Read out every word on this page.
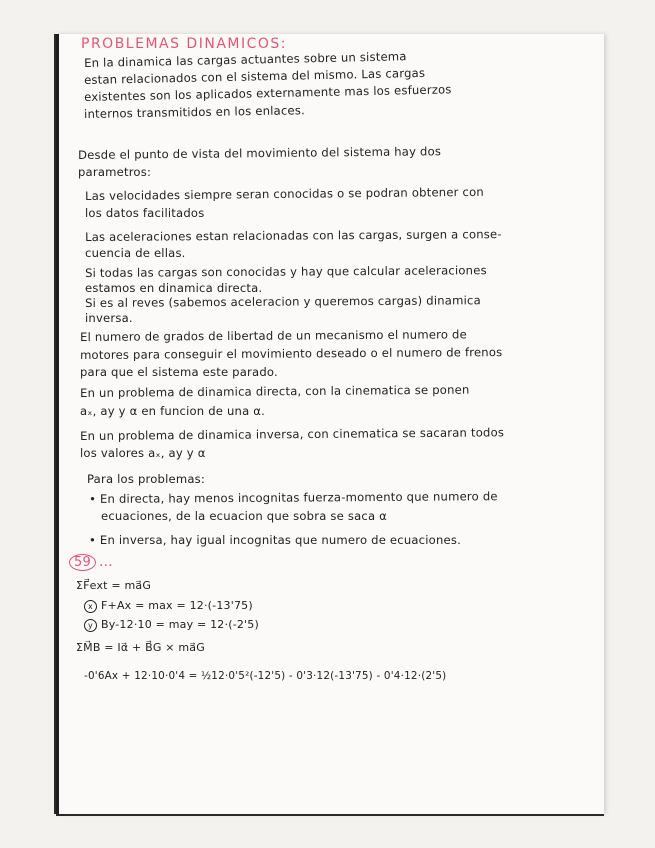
PROBLEMAS DINAMICOS:
En la dinamica las cargas actuantes sobre un sistema
estan relacionados con el sistema del mismo. Las cargas
existentes son los aplicados externamente mas los esfuerzos
internos transmitidos en los enlaces.
Desde el punto de vista del movimiento del sistema hay dos
parametros:
Las velocidades siempre seran conocidas o se podran obtener con
los datos facilitados
Las aceleraciones estan relacionadas con las cargas, surgen a conse-
cuencia de ellas.
Si todas las cargas son conocidas y hay que calcular aceleraciones
estamos en dinamica directa.
Si es al reves (sabemos aceleracion y queremos cargas) dinamica
inversa.
El numero de grados de libertad de un mecanismo el numero de
motores para conseguir el movimiento deseado o el numero de frenos
para que el sistema este parado.
En un problema de dinamica directa, con la cinematica se ponen
aₓ, ay y α en funcion de una α.
En un problema de dinamica inversa, con cinematica se sacaran todos
los valores aₓ, ay y α
Para los problemas:
• En directa, hay menos incognitas fuerza-momento que numero de
ecuaciones, de la ecuacion que sobra se saca α
• En inversa, hay igual incognitas que numero de ecuaciones.
59 ...
ΣF⃗ext = ma⃗G
x F+Ax = max = 12·(-13'75)
y By-12·10 = may = 12·(-2'5)
ΣM⃗B = Iα⃗ + B⃗G × ma⃗G
-0'6Ax + 12·10·0'4 = ½12·0'5²(-12'5) - 0'3·12(-13'75) - 0'4·12·(2'5)
